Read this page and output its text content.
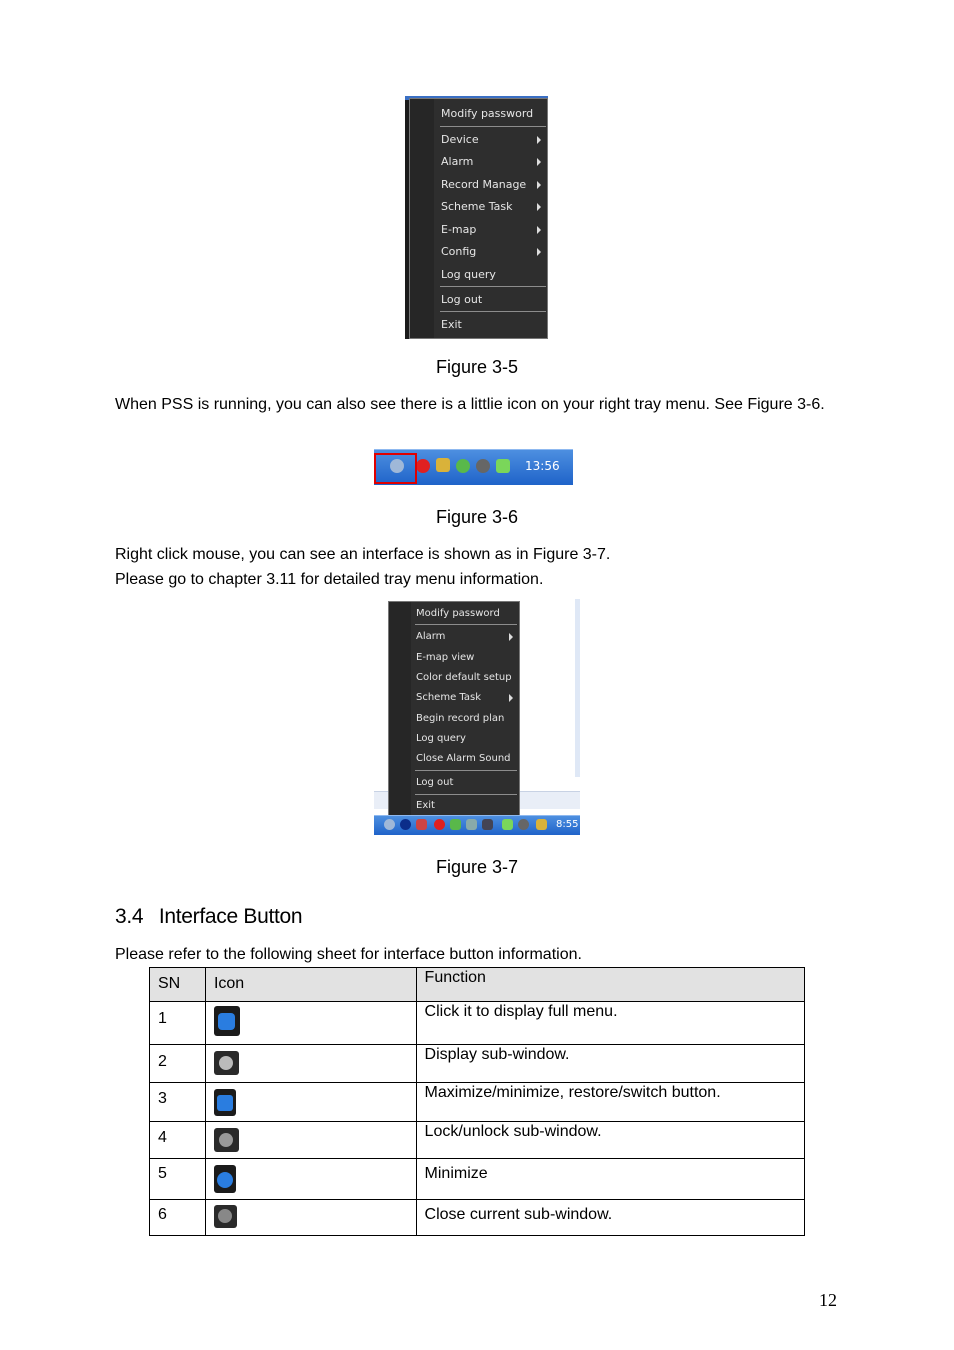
Modify password
Device
Alarm
Record Manage
Scheme Task
E-map
Config
Log query
Log out
Exit
Figure 3-5
When PSS is running, you can also see there is a littlie icon on your right tray menu. See Figure 3-6.
13:56
Figure 3-6
Right click mouse, you can see an interface is shown as in Figure 3-7.
Please go to chapter 3.11 for detailed tray menu information.
Modify password
Alarm
E-map view
Color default setup
Scheme Task
Begin record plan
Log query
Close Alarm Sound
Log out
Exit
8:55
Figure 3-7
3.4 Interface Button
Please refer to the following sheet for interface button information.
SN	Icon	Function
1		Click it to display full menu.
2		Display sub-window.
3		Maximize/minimize, restore/switch button.
4		Lock/unlock sub-window.
5		Minimize
6		Close current sub-window.
12
